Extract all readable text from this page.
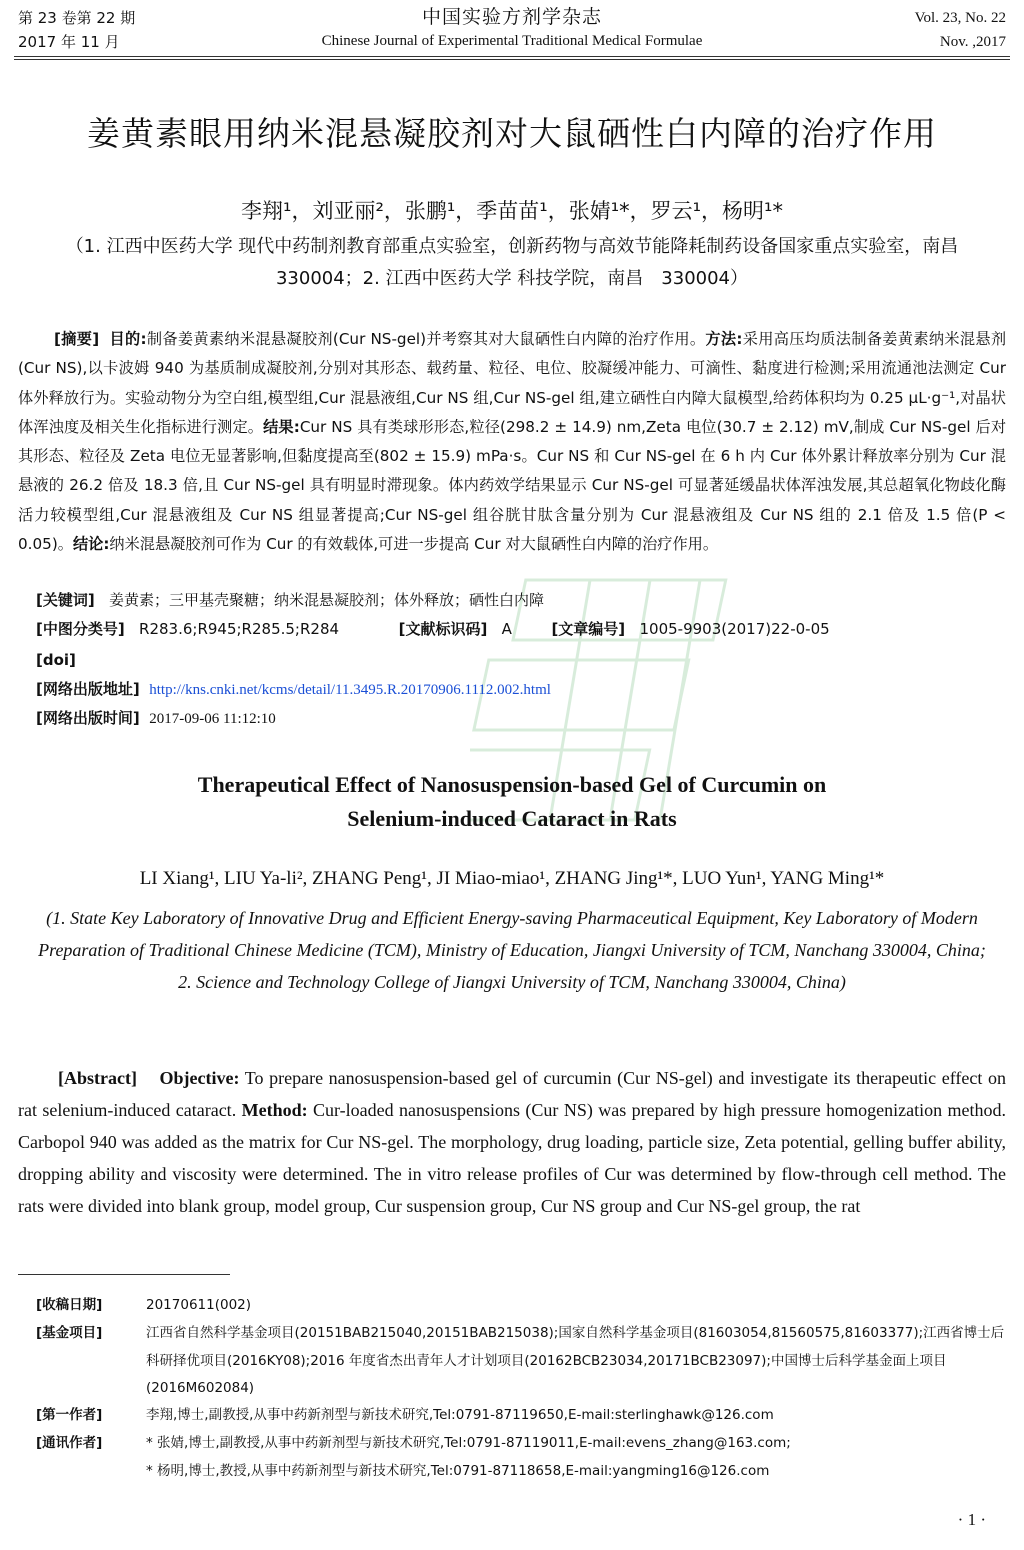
第 23 卷第 22 期
2017 年 11 月
中国实验方剂学杂志
Chinese Journal of Experimental Traditional Medical Formulae
Vol. 23, No. 22
Nov. ,2017
姜黄素眼用纳米混悬凝胶剂对大鼠硒性白内障的治疗作用
李翔¹，刘亚丽²，张鹏¹，季苗苗¹，张婧¹*，罗云¹，杨明¹*
（1. 江西中医药大学 现代中药制剂教育部重点实验室，创新药物与高效节能降耗制药设备国家重点实验室，南昌　330004；2. 江西中医药大学 科技学院，南昌　330004）
[摘要] 目的:制备姜黄素纳米混悬凝胶剂(Cur NS-gel)并考察其对大鼠硒性白内障的治疗作用。方法:采用高压均质法制备姜黄素纳米混悬剂(Cur NS),以卡波姆 940 为基质制成凝胶剂,分别对其形态、载药量、粒径、电位、胶凝缓冲能力、可滴性、黏度进行检测;采用流通池法测定 Cur 体外释放行为。实验动物分为空白组,模型组,Cur 混悬液组,Cur NS 组,Cur NS-gel 组,建立硒性白内障大鼠模型,给药体积均为 0.25 μL·g⁻¹,对晶状体浑浊度及相关生化指标进行测定。结果:Cur NS 具有类球形形态,粒径(298.2 ± 14.9) nm,Zeta 电位(30.7 ± 2.12) mV,制成 Cur NS-gel 后对其形态、粒径及 Zeta 电位无显著影响,但黏度提高至(802 ± 15.9) mPa·s。Cur NS 和 Cur NS-gel 在 6 h 内 Cur 体外累计释放率分别为 Cur 混悬液的 26.2 倍及 18.3 倍,且 Cur NS-gel 具有明显时滞现象。体内药效学结果显示 Cur NS-gel 可显著延缓晶状体浑浊发展,其总超氧化物歧化酶活力较模型组,Cur 混悬液组及 Cur NS 组显著提高;Cur NS-gel 组谷胱甘肽含量分别为 Cur 混悬液组及 Cur NS 组的 2.1 倍及 1.5 倍(P < 0.05)。结论:纳米混悬凝胶剂可作为 Cur 的有效载体,可进一步提高 Cur 对大鼠硒性白内障的治疗作用。
[关键词] 姜黄素；三甲基壳聚糖；纳米混悬凝胶剂；体外释放；硒性白内障
[中图分类号] R283.6;R945;R285.5;R284	[文献标识码] A	[文章编号] 1005-9903(2017)22-0-05
[doi]
[网络出版地址] http://kns.cnki.net/kcms/detail/11.3495.R.20170906.1112.002.html
[网络出版时间] 2017-09-06 11:12:10
Therapeutical Effect of Nanosuspension-based Gel of Curcumin on
Selenium-induced Cataract in Rats
LI Xiang¹, LIU Ya-li², ZHANG Peng¹, JI Miao-miao¹, ZHANG Jing¹*, LUO Yun¹, YANG Ming¹*
(1. State Key Laboratory of Innovative Drug and Efficient Energy-saving Pharmaceutical Equipment, Key Laboratory of Modern Preparation of Traditional Chinese Medicine (TCM), Ministry of Education, Jiangxi University of TCM, Nanchang 330004, China; 2. Science and Technology College of Jiangxi University of TCM, Nanchang 330004, China)
[Abstract] Objective: To prepare nanosuspension-based gel of curcumin (Cur NS-gel) and investigate its therapeutic effect on rat selenium-induced cataract. Method: Cur-loaded nanosuspensions (Cur NS) was prepared by high pressure homogenization method. Carbopol 940 was added as the matrix for Cur NS-gel. The morphology, drug loading, particle size, Zeta potential, gelling buffer ability, dropping ability and viscosity were determined. The in vitro release profiles of Cur was determined by flow-through cell method. The rats were divided into blank group, model group, Cur suspension group, Cur NS group and Cur NS-gel group, the rat
[收稿日期]	20170611(002)
[基金项目]	江西省自然科学基金项目(20151BAB215040,20151BAB215038);国家自然科学基金项目(81603054,81560575,81603377);江西省博士后科研择优项目(2016KY08);2016 年度省杰出青年人才计划项目(20162BCB23034,20171BCB23097);中国博士后科学基金面上项目(2016M602084)
[第一作者]	李翔,博士,副教授,从事中药新剂型与新技术研究,Tel:0791-87119650,E-mail:sterlinghawk@126.com
[通讯作者]	* 张婧,博士,副教授,从事中药新剂型与新技术研究,Tel:0791-87119011,E-mail:evens_zhang@163.com;
* 杨明,博士,教授,从事中药新剂型与新技术研究,Tel:0791-87118658,E-mail:yangming16@126.com
· 1 ·
